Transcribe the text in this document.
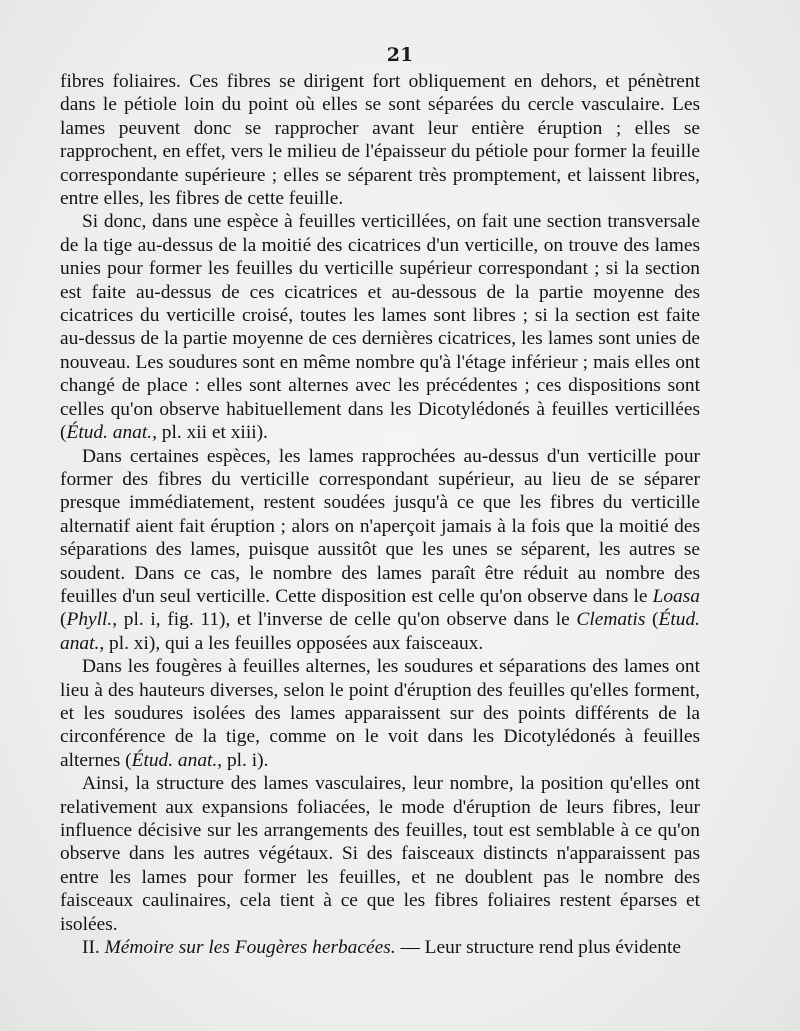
21

fibres foliaires. Ces fibres se dirigent fort obliquement en dehors, et pénètrent dans le pétiole loin du point où elles se sont séparées du cercle vasculaire. Les lames peuvent donc se rapprocher avant leur entière éruption ; elles se rapprochent, en effet, vers le milieu de l'épaisseur du pétiole pour former la feuille correspondante supérieure ; elles se séparent très promptement, et laissent libres, entre elles, les fibres de cette feuille.

Si donc, dans une espèce à feuilles verticillées, on fait une section transversale de la tige au-dessus de la moitié des cicatrices d'un verticille, on trouve des lames unies pour former les feuilles du verticille supérieur correspondant ; si la section est faite au-dessus de ces cicatrices et au-dessous de la partie moyenne des cicatrices du verticille croisé, toutes les lames sont libres ; si la section est faite au-dessus de la partie moyenne de ces dernières cicatrices, les lames sont unies de nouveau. Les soudures sont en même nombre qu'à l'étage inférieur ; mais elles ont changé de place : elles sont alternes avec les précédentes ; ces dispositions sont celles qu'on observe habituellement dans les Dicotylédonés à feuilles verticillées (Étud. anat., pl. xii et xiii).

Dans certaines espèces, les lames rapprochées au-dessus d'un verticille pour former des fibres du verticille correspondant supérieur, au lieu de se séparer presque immédiatement, restent soudées jusqu'à ce que les fibres du verticille alternatif aient fait éruption ; alors on n'aperçoit jamais à la fois que la moitié des séparations des lames, puisque aussitôt que les unes se séparent, les autres se soudent. Dans ce cas, le nombre des lames paraît être réduit au nombre des feuilles d'un seul verticille. Cette disposition est celle qu'on observe dans le Loasa (Phyll., pl. i, fig. 11), et l'inverse de celle qu'on observe dans le Clematis (Étud. anat., pl. xi), qui a les feuilles opposées aux faisceaux.

Dans les fougères à feuilles alternes, les soudures et séparations des lames ont lieu à des hauteurs diverses, selon le point d'éruption des feuilles qu'elles forment, et les soudures isolées des lames apparaissent sur des points différents de la circonférence de la tige, comme on le voit dans les Dicotylédonés à feuilles alternes (Étud. anat., pl. i).

Ainsi, la structure des lames vasculaires, leur nombre, la position qu'elles ont relativement aux expansions foliacées, le mode d'éruption de leurs fibres, leur influence décisive sur les arrangements des feuilles, tout est semblable à ce qu'on observe dans les autres végétaux. Si des faisceaux distincts n'apparaissent pas entre les lames pour former les feuilles, et ne doublent pas le nombre des faisceaux caulinaires, cela tient à ce que les fibres foliaires restent éparses et isolées.

II. Mémoire sur les Fougères herbacées. — Leur structure rend plus évidente
